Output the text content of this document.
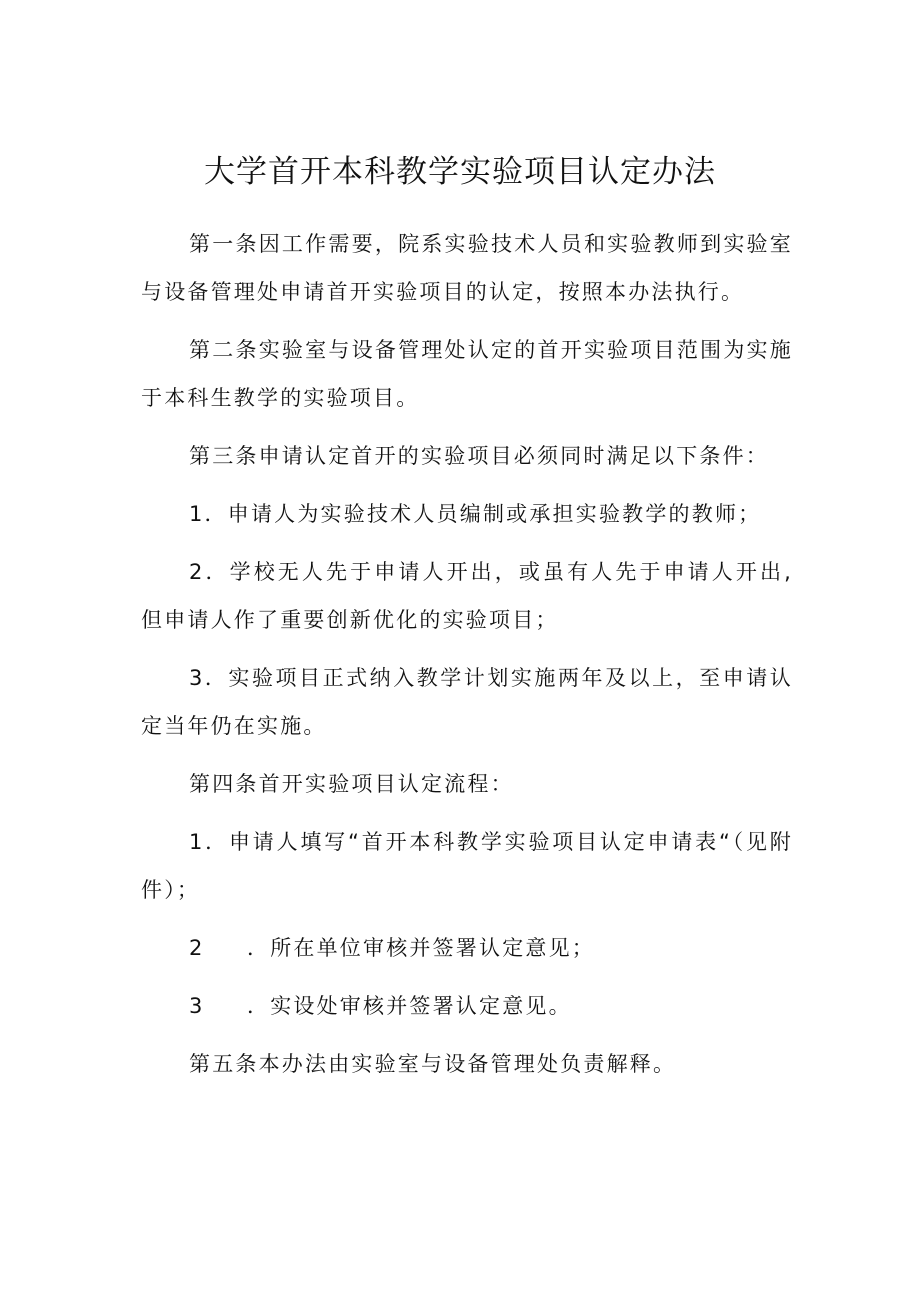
大学首开本科教学实验项目认定办法

第一条因工作需要，院系实验技术人员和实验教师到实验室与设备管理处申请首开实验项目的认定，按照本办法执行。

第二条实验室与设备管理处认定的首开实验项目范围为实施于本科生教学的实验项目。

第三条申请认定首开的实验项目必须同时满足以下条件：

1．申请人为实验技术人员编制或承担实验教学的教师；

2．学校无人先于申请人开出，或虽有人先于申请人开出,但申请人作了重要创新优化的实验项目；

3．实验项目正式纳入教学计划实施两年及以上，至申请认定当年仍在实施。

第四条首开实验项目认定流程：

1．申请人填写“首开本科教学实验项目认定申请表“（见附件）；

2 ．所在单位审核并签署认定意见；

3 ．实设处审核并签署认定意见。

第五条本办法由实验室与设备管理处负责解释。
